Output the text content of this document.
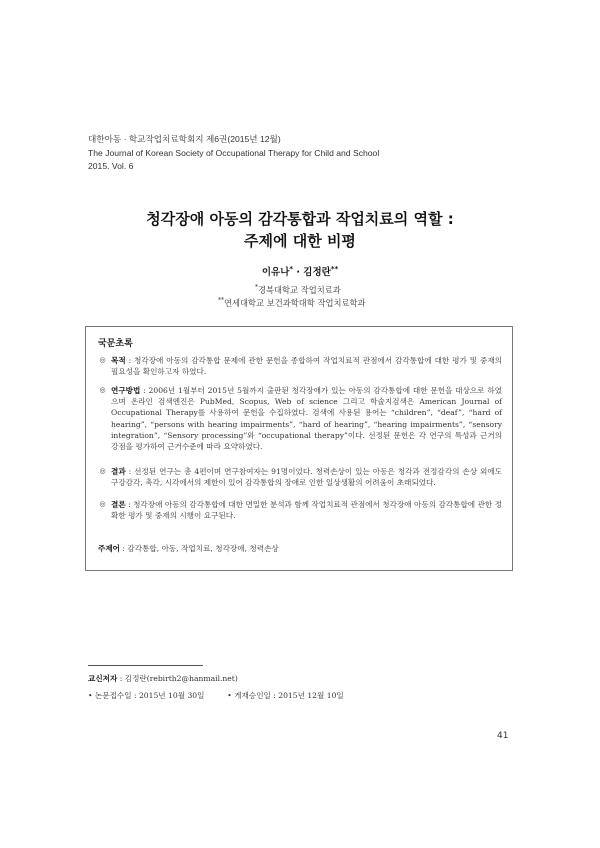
대한아동 · 학교작업치료학회지 제6권(2015년 12월)
The Journal of Korean Society of Occupational Therapy for Child and School
2015. Vol. 6
청각장애 아동의 감각통합과 작업치료의 역할 :
주제에 대한 비평
이유나* · 김정란**
*경북대학교 작업치료과
**연세대학교 보건과학대학 작업치료학과
국문초록
◎ 목적 : 청각장애 아동의 감각통합 문제에 관한 문헌을 종합하여 작업치료적 관점에서 감각통합에 대한 평가 및 중재의 필요성을 확인하고자 하였다.
◎ 연구방법 : 2006년 1월부터 2015년 5월까지 출판된 청각장애가 있는 아동의 감각통합에 대한 문헌을 대상으로 하였으며 온라인 검색엔진은 PubMed, Scopus, Web of science 그리고 학술지검색은 American Journal of Occupational Therapy를 사용하여 문헌을 수집하였다. 검색에 사용된 용어는 “children”, “deaf”, “hard of hearing”, “persons with hearing impairments”, “hard of hearing”, “hearing impairments”, “sensory integration”, “Sensory processing”와 “occupational therapy”이다. 선정된 문헌은 각 연구의 특성과 근거의 강점을 평가하여 근거수준에 따라 요약하였다.
◎ 결과 : 선정된 연구는 총 4편이며 연구참여자는 91명이었다. 청력손상이 있는 아동은 청각과 전정감각의 손상 외에도 구강감각, 촉각, 시각에서의 제한이 있어 감각통합의 장애로 인한 일상생활의 어려움이 초래되었다.
◎ 결론 : 청각장애 아동의 감각통합에 대한 면밀한 분석과 함께 작업치료적 관점에서 청각장애 아동의 감각통합에 관한 정확한 평가 및 중재의 시행이 요구된다.
주제어 : 감각통합, 아동, 작업치료, 청각장애, 청력손상
교신저자 : 김정란(rebirth2@hanmail.net)
• 논문접수일 : 2015년 10월 30일	• 게재승인일 : 2015년 12월 10일
41
